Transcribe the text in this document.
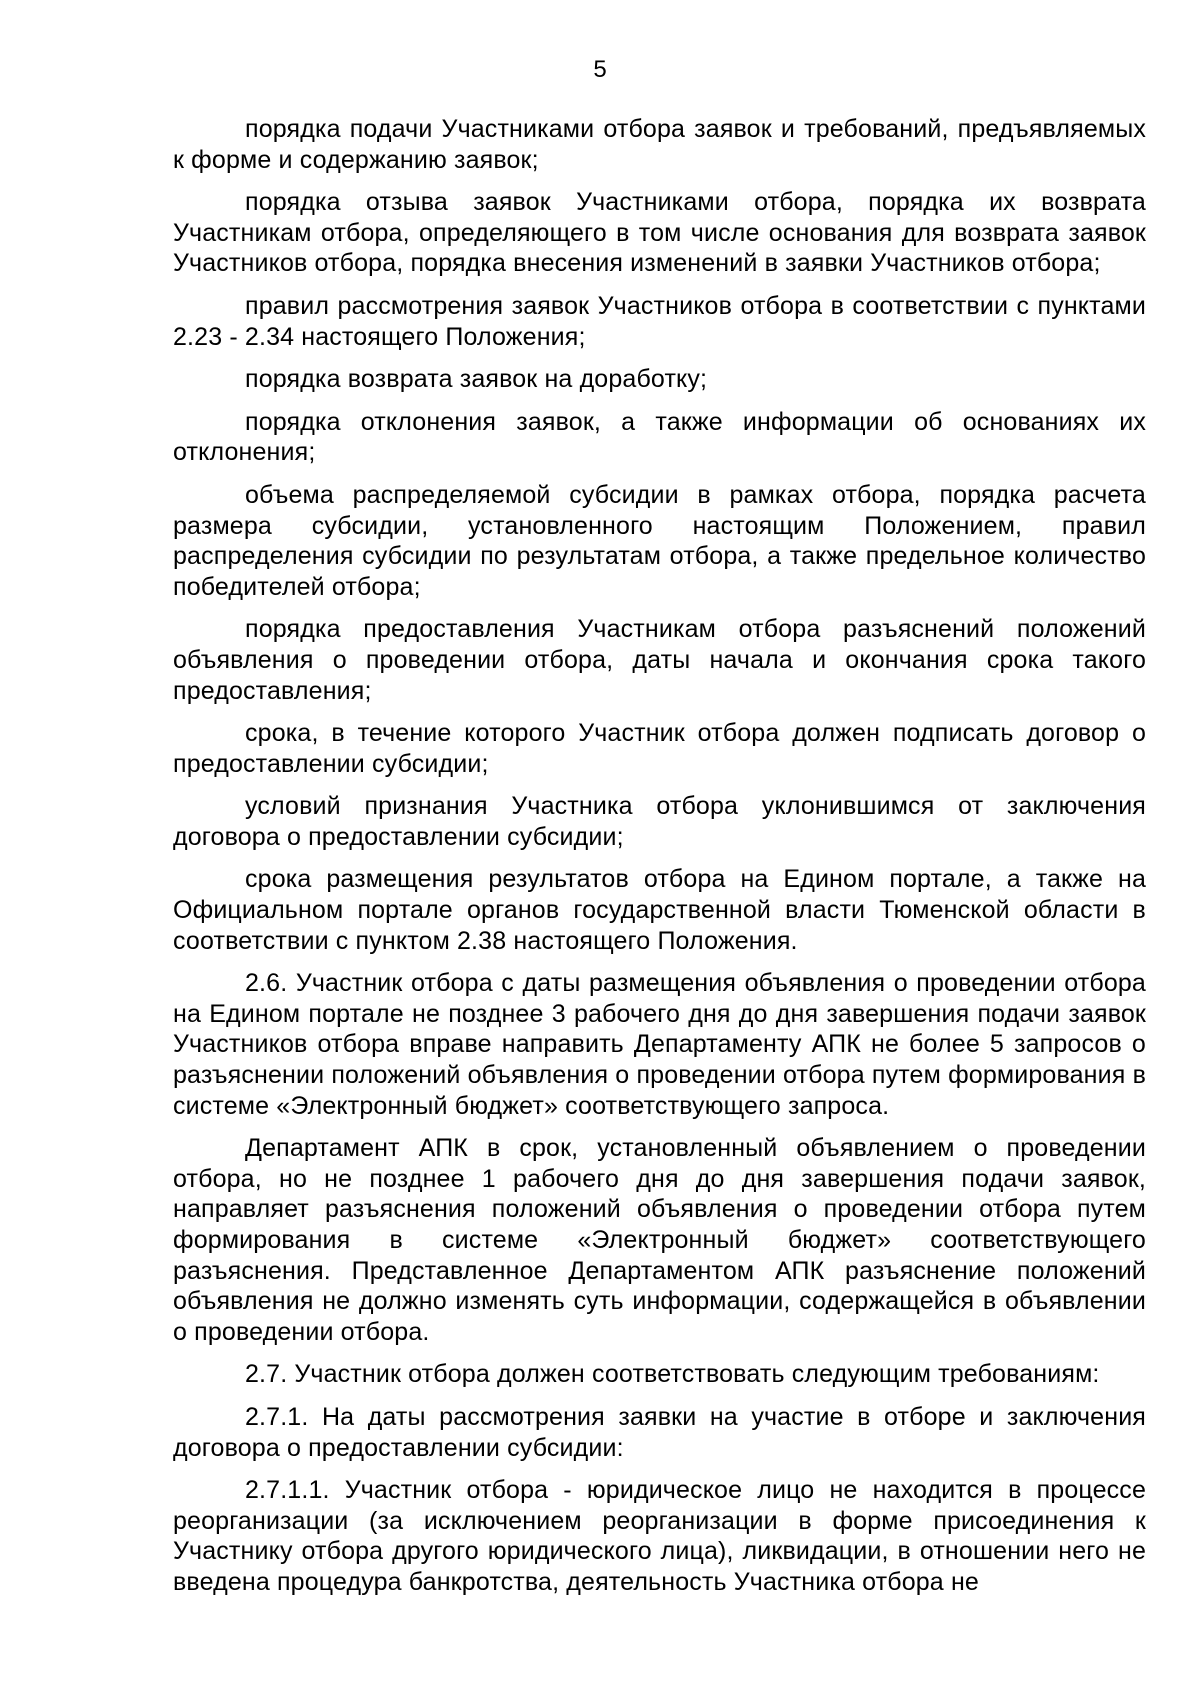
5

порядка подачи Участниками отбора заявок и требований, предъявляемых к форме и содержанию заявок;

порядка отзыва заявок Участниками отбора, порядка их возврата Участникам отбора, определяющего в том числе основания для возврата заявок Участников отбора, порядка внесения изменений в заявки Участников отбора;

правил рассмотрения заявок Участников отбора в соответствии с пунктами 2.23 - 2.34 настоящего Положения;

порядка возврата заявок на доработку;

порядка отклонения заявок, а также информации об основаниях их отклонения;

объема распределяемой субсидии в рамках отбора, порядка расчета размера субсидии, установленного настоящим Положением, правил распределения субсидии по результатам отбора, а также предельное количество победителей отбора;

порядка предоставления Участникам отбора разъяснений положений объявления о проведении отбора, даты начала и окончания срока такого предоставления;

срока, в течение которого Участник отбора должен подписать договор о предоставлении субсидии;

условий признания Участника отбора уклонившимся от заключения договора о предоставлении субсидии;

срока размещения результатов отбора на Едином портале, а также на Официальном портале органов государственной власти Тюменской области в соответствии с пунктом 2.38 настоящего Положения.

2.6. Участник отбора с даты размещения объявления о проведении отбора на Едином портале не позднее 3 рабочего дня до дня завершения подачи заявок Участников отбора вправе направить Департаменту АПК не более 5 запросов о разъяснении положений объявления о проведении отбора путем формирования в системе «Электронный бюджет» соответствующего запроса.

Департамент АПК в срок, установленный объявлением о проведении отбора, но не позднее 1 рабочего дня до дня завершения подачи заявок, направляет разъяснения положений объявления о проведении отбора путем формирования в системе «Электронный бюджет» соответствующего разъяснения. Представленное Департаментом АПК разъяснение положений объявления не должно изменять суть информации, содержащейся в объявлении о проведении отбора.

2.7. Участник отбора должен соответствовать следующим требованиям:

2.7.1. На даты рассмотрения заявки на участие в отборе и заключения договора о предоставлении субсидии:

2.7.1.1. Участник отбора - юридическое лицо не находится в процессе реорганизации (за исключением реорганизации в форме присоединения к Участнику отбора другого юридического лица), ликвидации, в отношении него не введена процедура банкротства, деятельность Участника отбора не
